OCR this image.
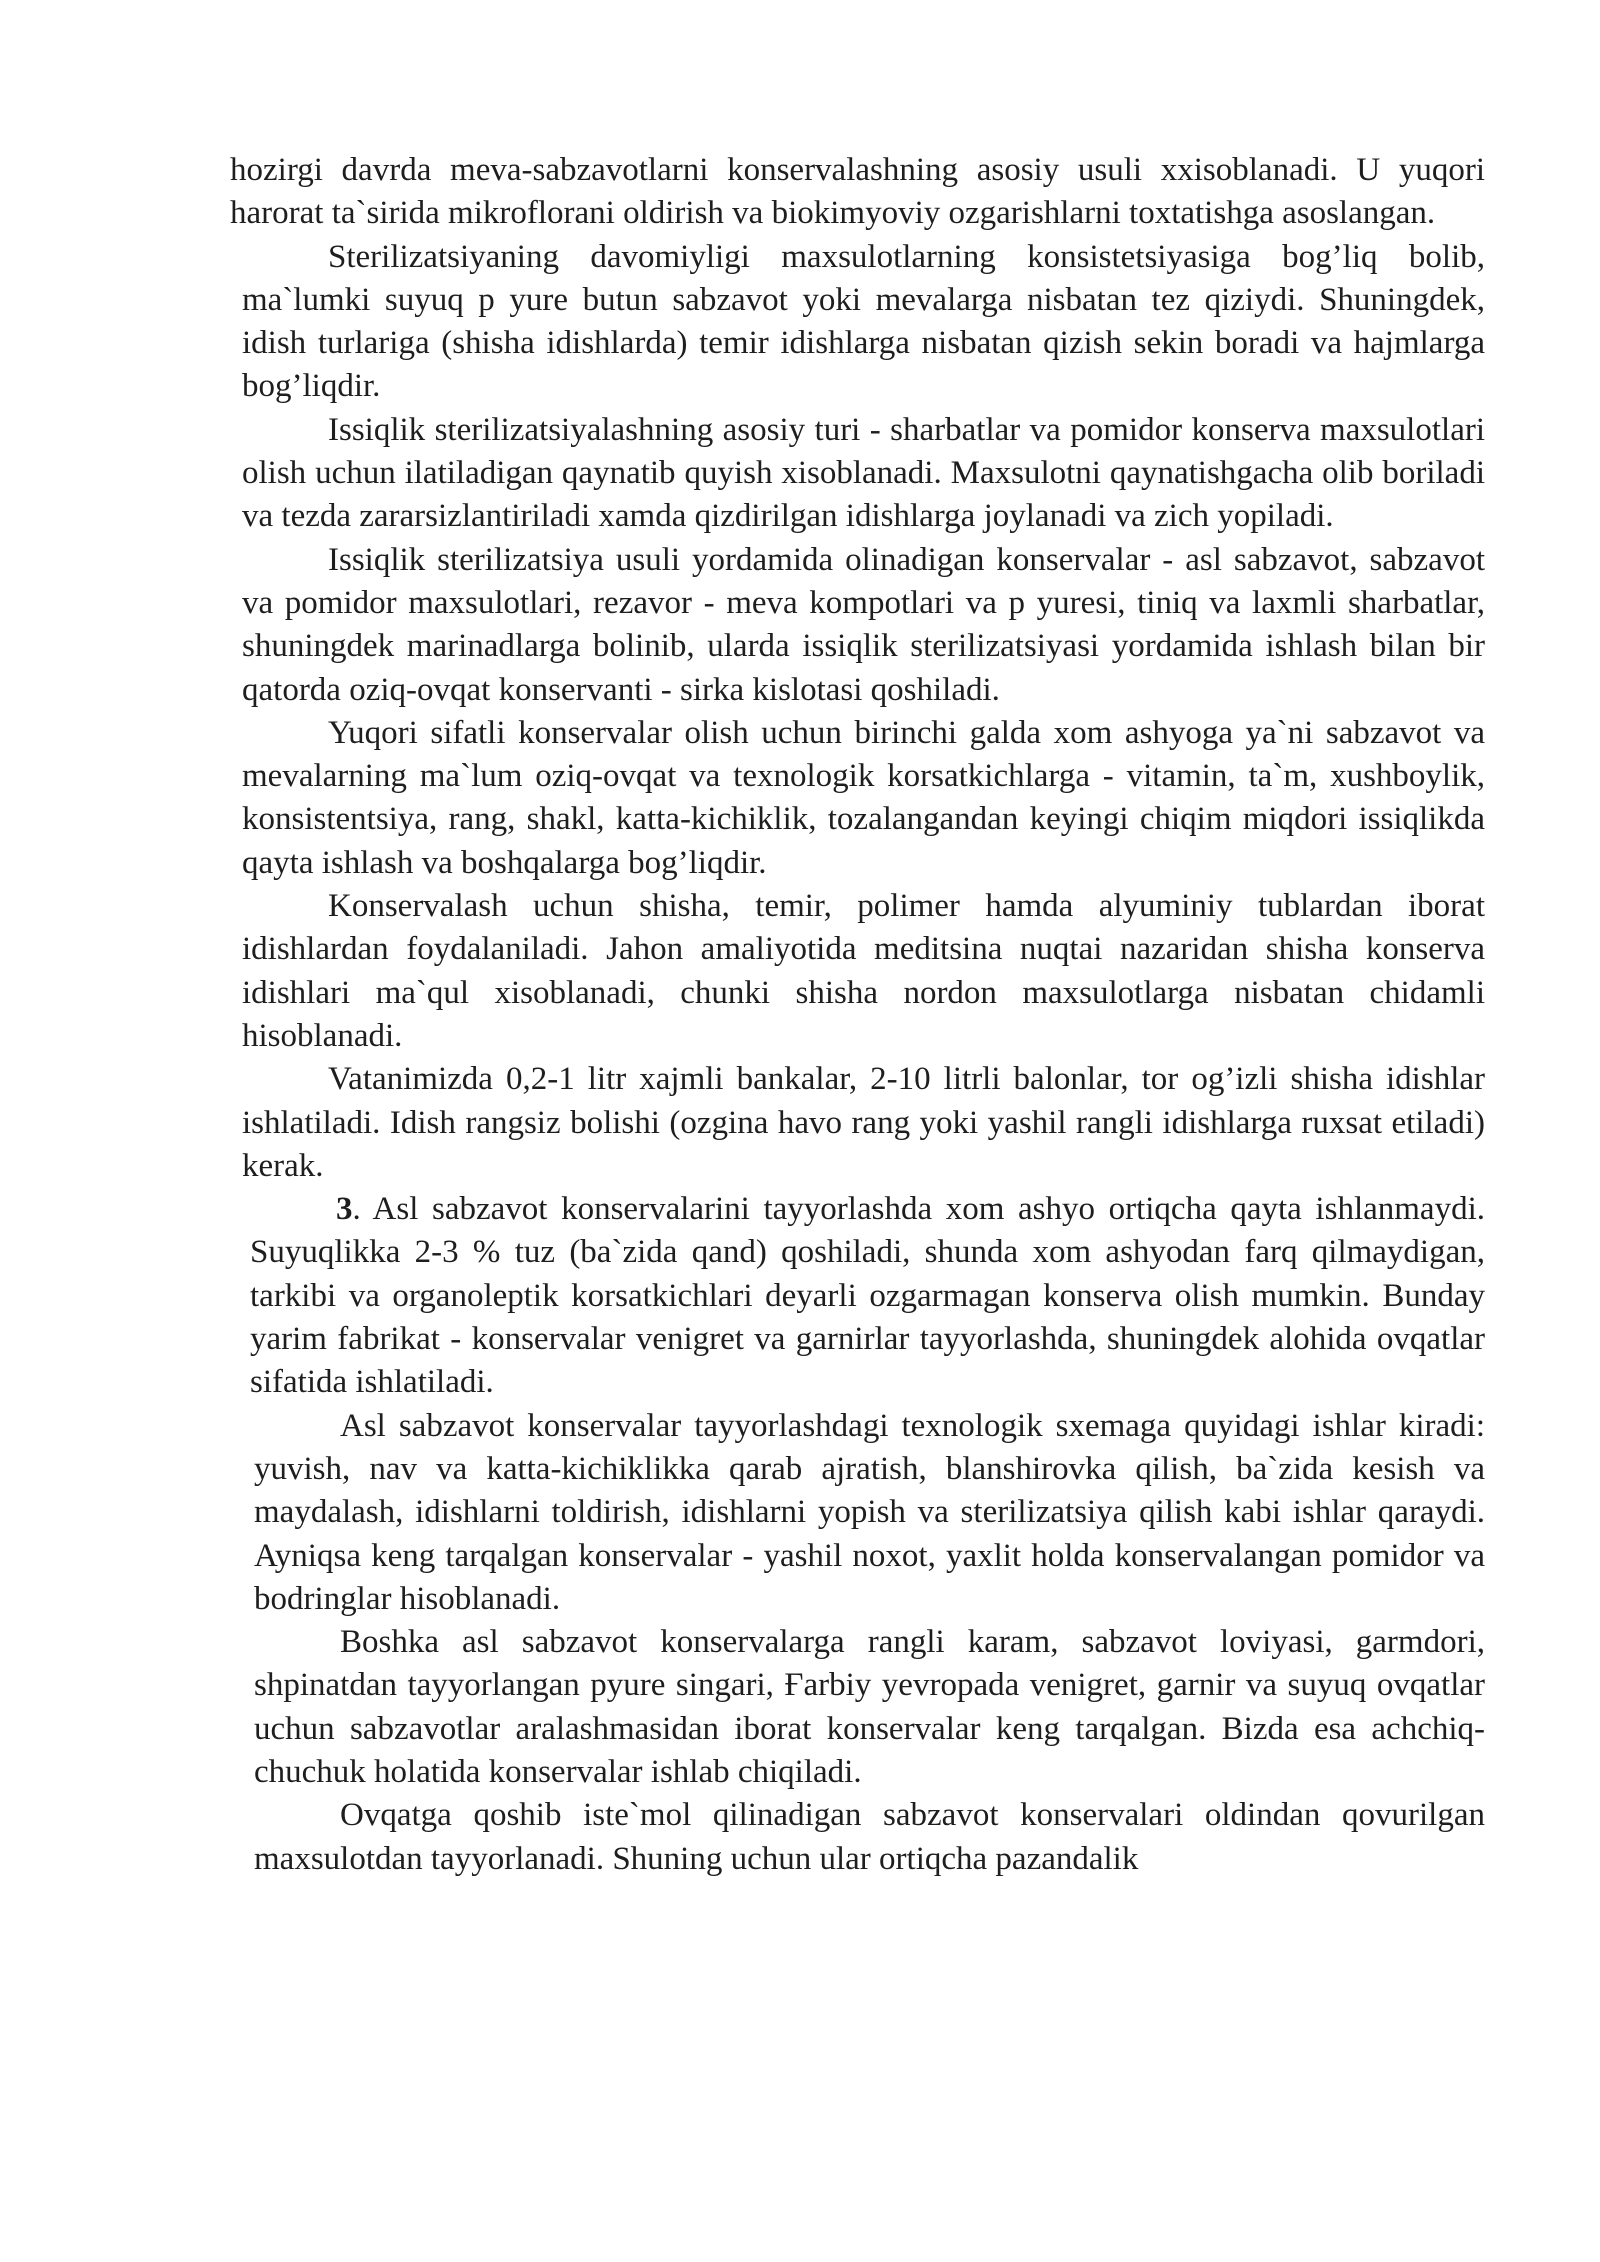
hozirgi davrda meva-sabzavotlarni konservalashning asosiy usuli xxisoblanadi. U yuqori harorat ta`sirida mikroflorani oldirish va biokimyoviy ozgarishlarni toxtatishga asoslangan.

Sterilizatsiyaning davomiyligi maxsulotlarning konsistetsiyasiga bog’liq bolib, ma`lumki suyuq p yure butun sabzavot yoki mevalarga nisbatan tez qiziydi. Shuningdek, idish turlariga (shisha idishlarda) temir idishlarga nisbatan qizish sekin boradi va hajmlarga bog’liqdir.

Issiqlik sterilizatsiyalashning asosiy turi - sharbatlar va pomidor konserva maxsulotlari olish uchun ilatiladigan qaynatib quyish xisoblanadi. Maxsulotni qaynatishgacha olib boriladi va tezda zararsizlantiriladi xamda qizdirilgan idishlarga joylanadi va zich yopiladi.

Issiqlik sterilizatsiya usuli yordamida olinadigan konservalar - asl sabzavot, sabzavot va pomidor maxsulotlari, rezavor - meva kompotlari va p yuresi, tiniq va laxmli sharbatlar, shuningdek marinadlarga bolinib, ularda issiqlik sterilizatsiyasi yordamida ishlash bilan bir qatorda oziq-ovqat konservanti - sirka kislotasi qoshiladi.

Yuqori sifatli konservalar olish uchun birinchi galda xom ashyoga ya`ni sabzavot va mevalarning ma`lum oziq-ovqat va texnologik korsatkichlarga - vitamin, ta`m, xushboylik, konsistentsiya, rang, shakl, katta-kichiklik, tozalangandan keyingi chiqim miqdori issiqlikda qayta ishlash va boshqalarga bog’liqdir.

Konservalash uchun shisha, temir, polimer hamda alyuminiy tublardan iborat idishlardan foydalaniladi. Jahon amaliyotida meditsina nuqtai nazaridan shisha konserva idishlari ma`qul xisoblanadi, chunki shisha nordon maxsulotlarga nisbatan chidamli hisoblanadi.

Vatanimizda 0,2-1 litr xajmli bankalar, 2-10 litrli balonlar, tor og’izli shisha idishlar ishlatiladi. Idish rangsiz bolishi (ozgina havo rang yoki yashil rangli idishlarga ruxsat etiladi) kerak.

3. Asl sabzavot konservalarini tayyorlashda xom ashyo ortiqcha qayta ishlanmaydi. Suyuqlikka 2-3 % tuz (ba`zida qand) qoshiladi, shunda xom ashyodan farq qilmaydigan, tarkibi va organoleptik korsatkichlari deyarli ozgarmagan konserva olish mumkin. Bunday yarim fabrikat - konservalar venigret va garnirlar tayyorlashda, shuningdek alohida ovqatlar sifatida ishlatiladi.

Asl sabzavot konservalar tayyorlashdagi texnologik sxemaga quyidagi ishlar kiradi: yuvish, nav va katta-kichiklikka qarab ajratish, blanshirovka qilish, ba`zida kesish va maydalash, idishlarni toldirish, idishlarni yopish va sterilizatsiya qilish kabi ishlar qaraydi. Ayniqsa keng tarqalgan konservalar - yashil noxot, yaxlit holda konservalangan pomidor va bodringlar hisoblanadi.

Boshka asl sabzavot konservalarga rangli karam, sabzavot loviyasi, garmdori, shpinatdan tayyorlangan pyure singari, Ғarbiy yevropada venigret, garnir va suyuq ovqatlar uchun sabzavotlar aralashmasidan iborat konservalar keng tarqalgan. Bizda esa achchiq-chuchuk holatida konservalar ishlab chiqiladi.

Ovqatga qoshib iste`mol qilinadigan sabzavot konservalari oldindan qovurilgan maxsulotdan tayyorlanadi. Shuning uchun ular ortiqcha pazandalik
